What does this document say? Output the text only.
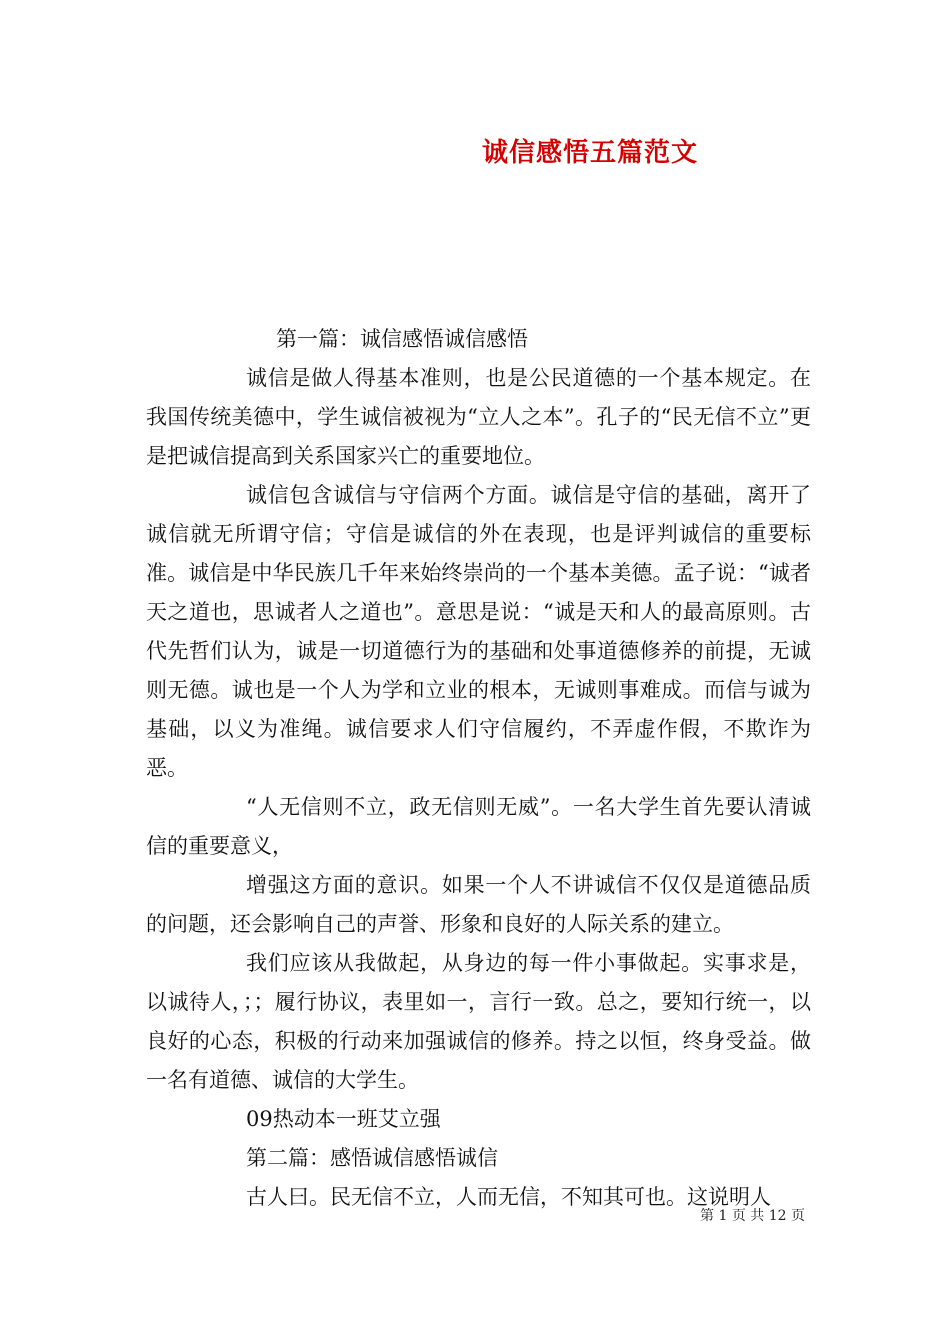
诚信感悟五篇范文

第一篇：诚信感悟诚信感悟

诚信是做人得基本准则，也是公民道德的一个基本规定。在我国传统美德中，学生诚信被视为“立人之本”。孔子的“民无信不立”更是把诚信提高到关系国家兴亡的重要地位。

诚信包含诚信与守信两个方面。诚信是守信的基础，离开了诚信就无所谓守信；守信是诚信的外在表现，也是评判诚信的重要标准。诚信是中华民族几千年来始终崇尚的一个基本美德。孟子说：“诚者天之道也，思诚者人之道也”。意思是说：“诚是天和人的最高原则。古代先哲们认为，诚是一切道德行为的基础和处事道德修养的前提，无诚则无德。诚也是一个人为学和立业的根本，无诚则事难成。而信与诚为基础，以义为准绳。诚信要求人们守信履约，不弄虚作假，不欺诈为恶。

“人无信则不立，政无信则无威”。一名大学生首先要认清诚信的重要意义，

增强这方面的意识。如果一个人不讲诚信不仅仅是道德品质的问题，还会影响自己的声誉、形象和良好的人际关系的建立。

我们应该从我做起，从身边的每一件小事做起。实事求是，以诚待人，；；履行协议，表里如一，言行一致。总之，要知行统一，以良好的心态，积极的行动来加强诚信的修养。持之以恒，终身受益。做一名有道德、诚信的大学生。

09热动本一班艾立强

第二篇：感悟诚信感悟诚信

古人曰。民无信不立，人而无信，不知其可也。这说明人

第 1 页 共 12 页
